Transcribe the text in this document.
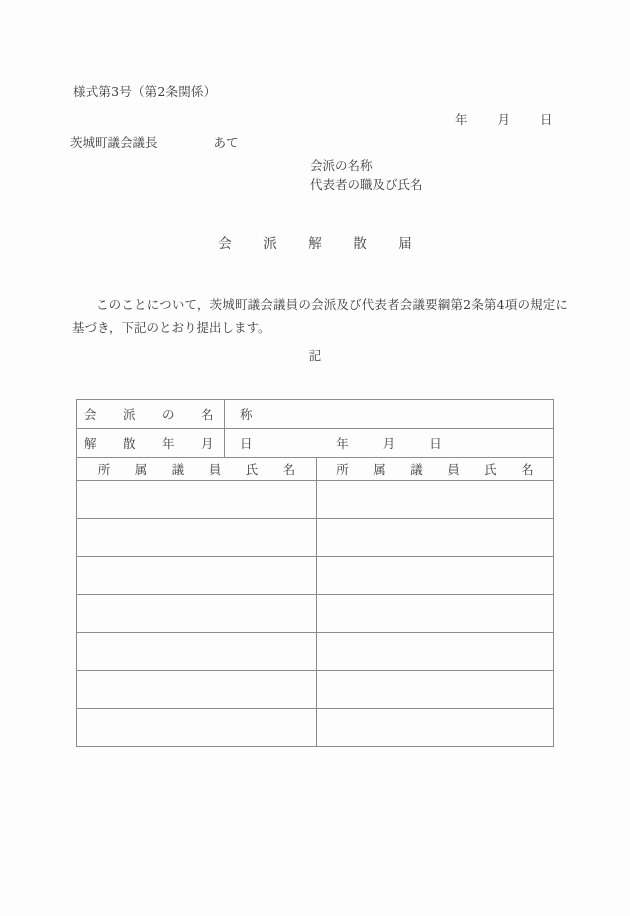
様式第3号（第2条関係）
年 月 日
茨城町議会議長	あて
会派の名称
代表者の職及び氏名
会　派　解　散　届
このことについて，茨城町議会議員の会派及び代表者会議要綱第2条第4項の規定に基づき，下記のとおり提出します。
記
会　派　の　名　称		
解　散　年　月　日	年 月 日	

所　属　議　員　氏　名		所　属　議　員　氏　名
